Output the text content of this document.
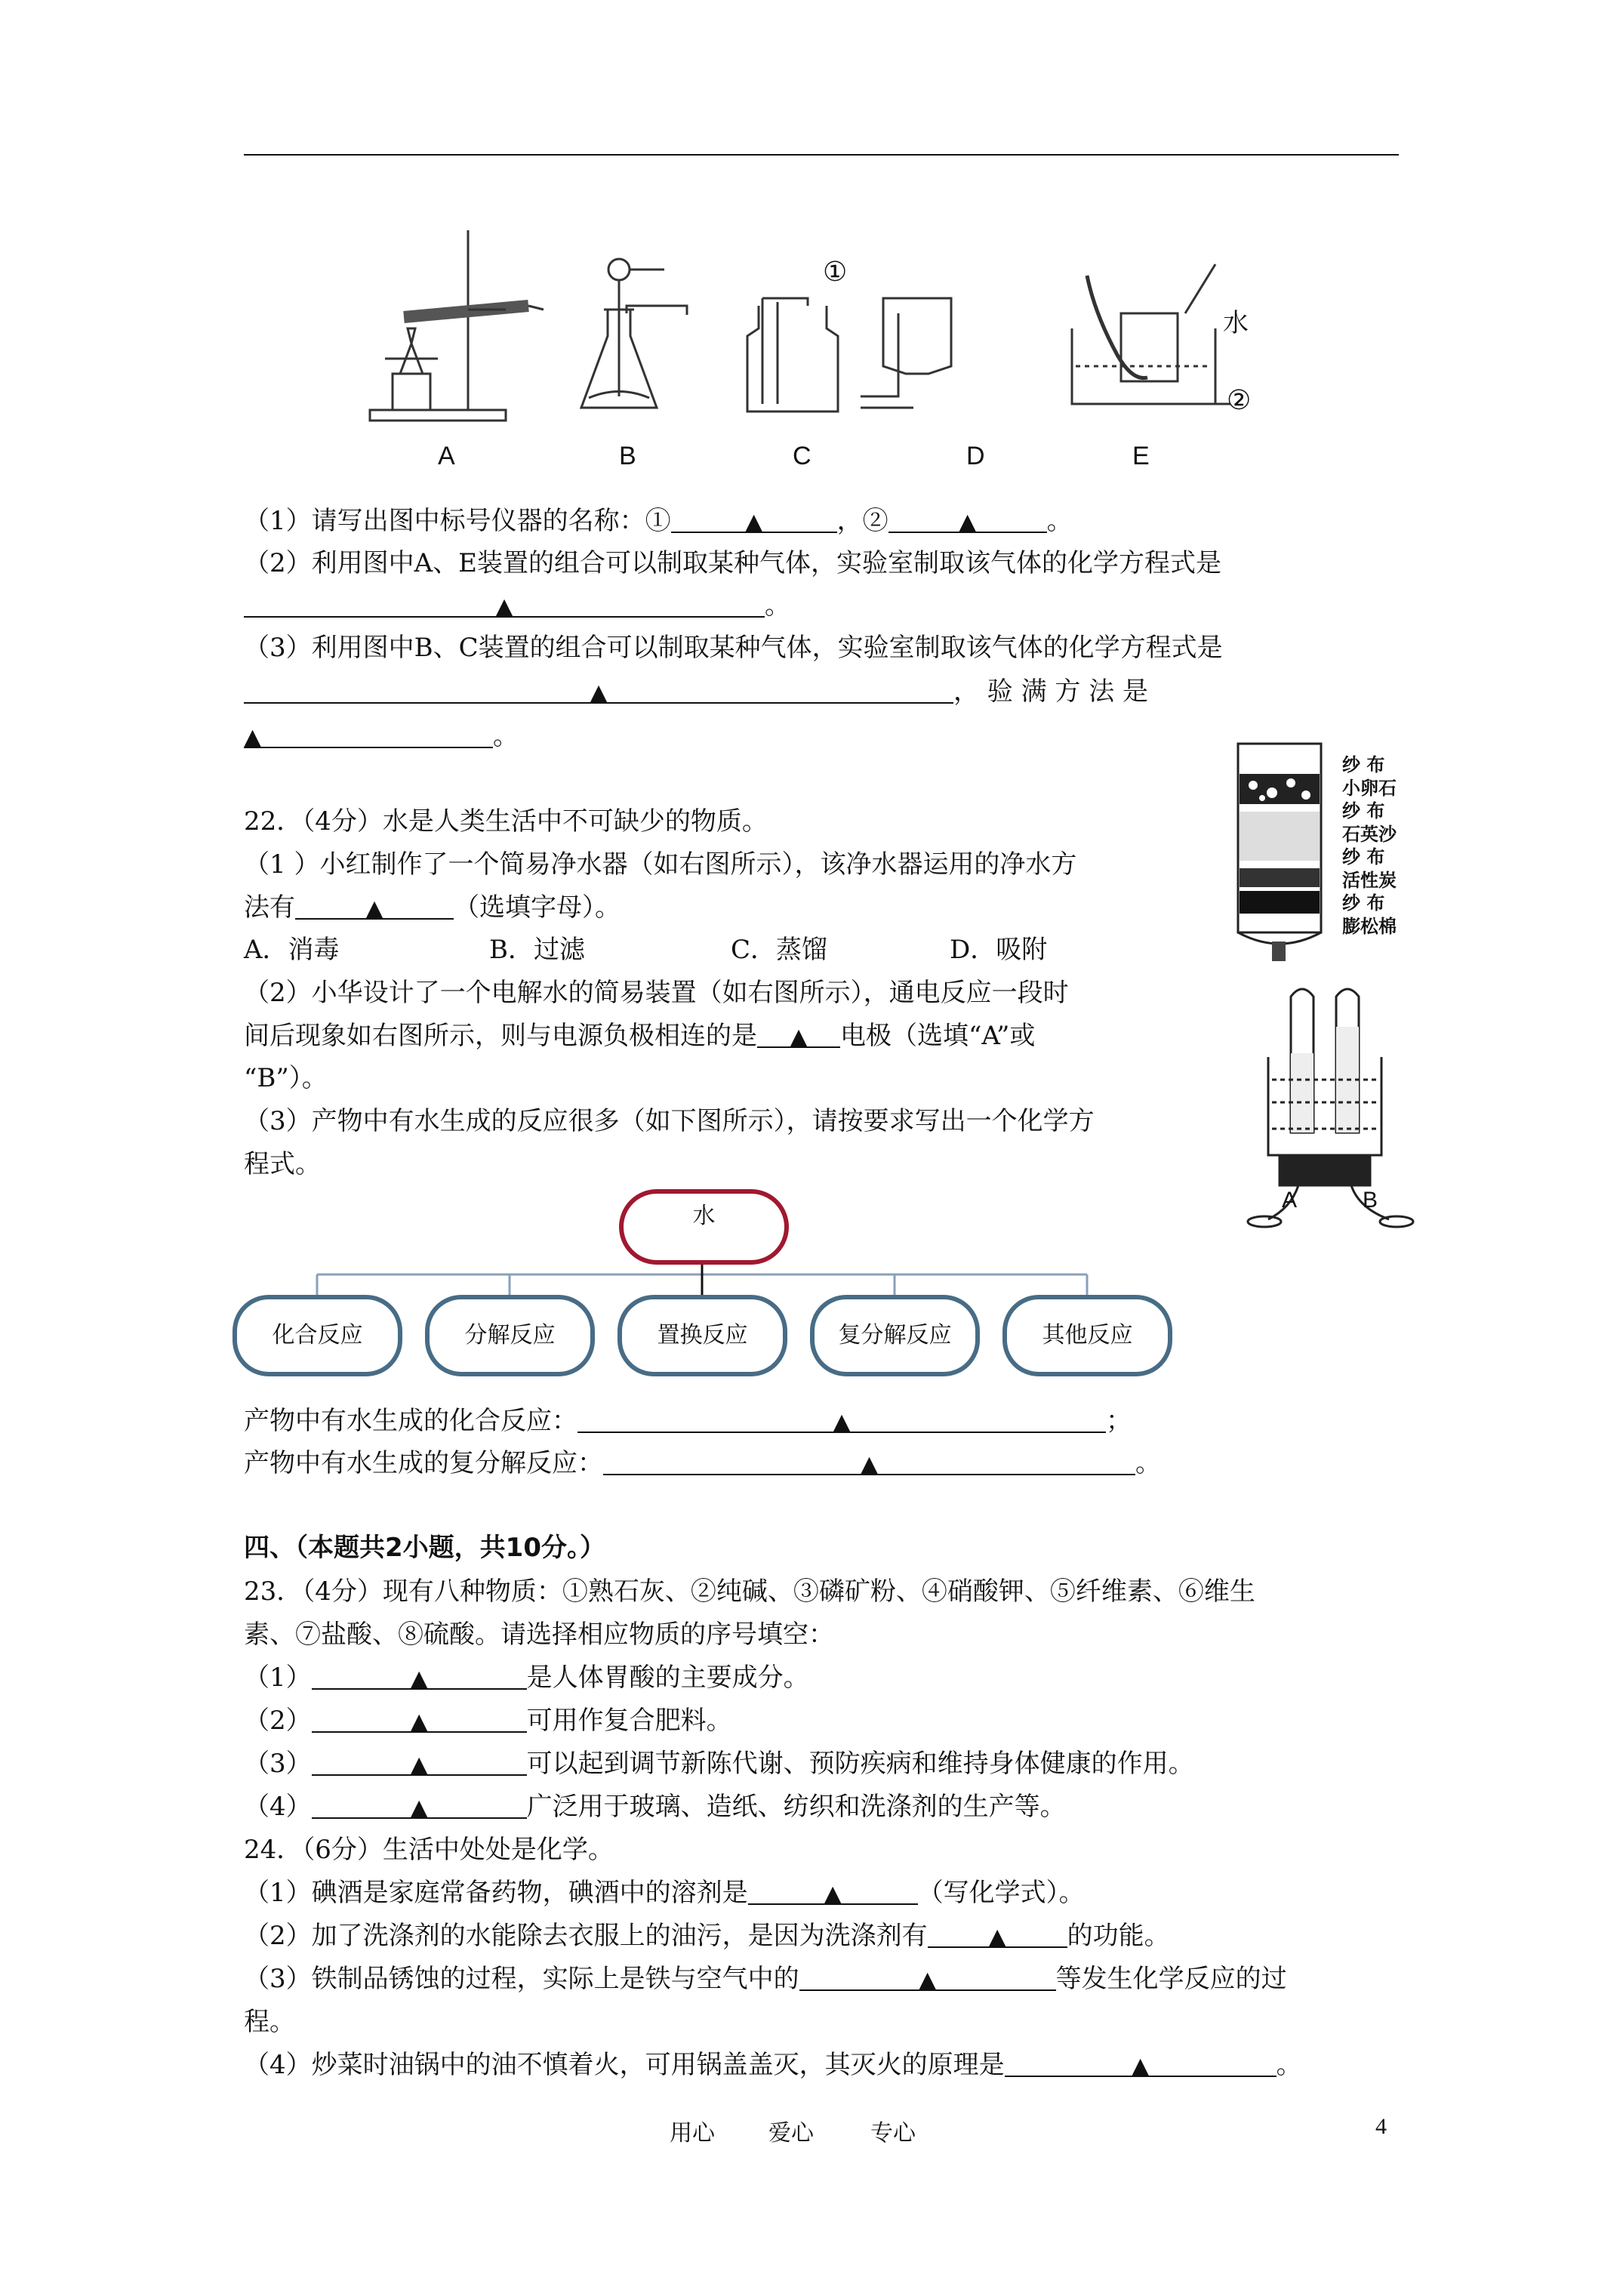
①
水
②
A	B	C	D	E
（1）请写出图中标号仪器的名称：①	▲	，②	▲	。
（2）利用图中A、E装置的组合可以制取某种气体，实验室制取该气体的化学方程式是
▲	。
（3）利用图中B、C装置的组合可以制取某种气体，实验室制取该气体的化学方程式是
▲	， 验 满 方 法 是
▲	。
22．（4分）水是人类生活中不可缺少的物质。
（1 ）小红制作了一个简易净水器（如右图所示），该净水器运用的净水方
法有	▲	（选填字母）。
A．消毒	B．过滤	C．蒸馏	D．吸附
（2）小华设计了一个电解水的简易装置（如右图所示），通电反应一段时
间后现象如右图所示，则与电源负极相连的是 ▲ 电极（选填“A”或
“B”）。
（3）产物中有水生成的反应很多（如下图所示），请按要求写出一个化学方
程式。
纱 布
小卵石
纱 布
石英沙
纱 布
活性炭
纱 布
膨松棉
A	B
水
化合反应	分解反应	置换反应	复分解反应	其他反应
产物中有水生成的化合反应：	▲	；
产物中有水生成的复分解反应：	▲	。
四、（本题共2小题，共10分。）
23．（4分）现有八种物质：①熟石灰、②纯碱、③磷矿粉、④硝酸钾、⑤纤维素、⑥维生
素、⑦盐酸、⑧硫酸。请选择相应物质的序号填空：
（1）	▲	是人体胃酸的主要成分。
（2）	▲	可用作复合肥料。
（3）	▲	可以起到调节新陈代谢、预防疾病和维持身体健康的作用。
（4）	▲	广泛用于玻璃、造纸、纺织和洗涤剂的生产等。
24．（6分）生活中处处是化学。
（1）碘酒是家庭常备药物，碘酒中的溶剂是	▲	（写化学式）。
（2）加了洗涤剂的水能除去衣服上的油污，是因为洗涤剂有	▲ 的功能。
（3）铁制品锈蚀的过程，实际上是铁与空气中的	▲	等发生化学反应的过
程。
（4）炒菜时油锅中的油不慎着火，可用锅盖盖灭，其灭火的原理是	▲	。
用心 爱心	专心	4
